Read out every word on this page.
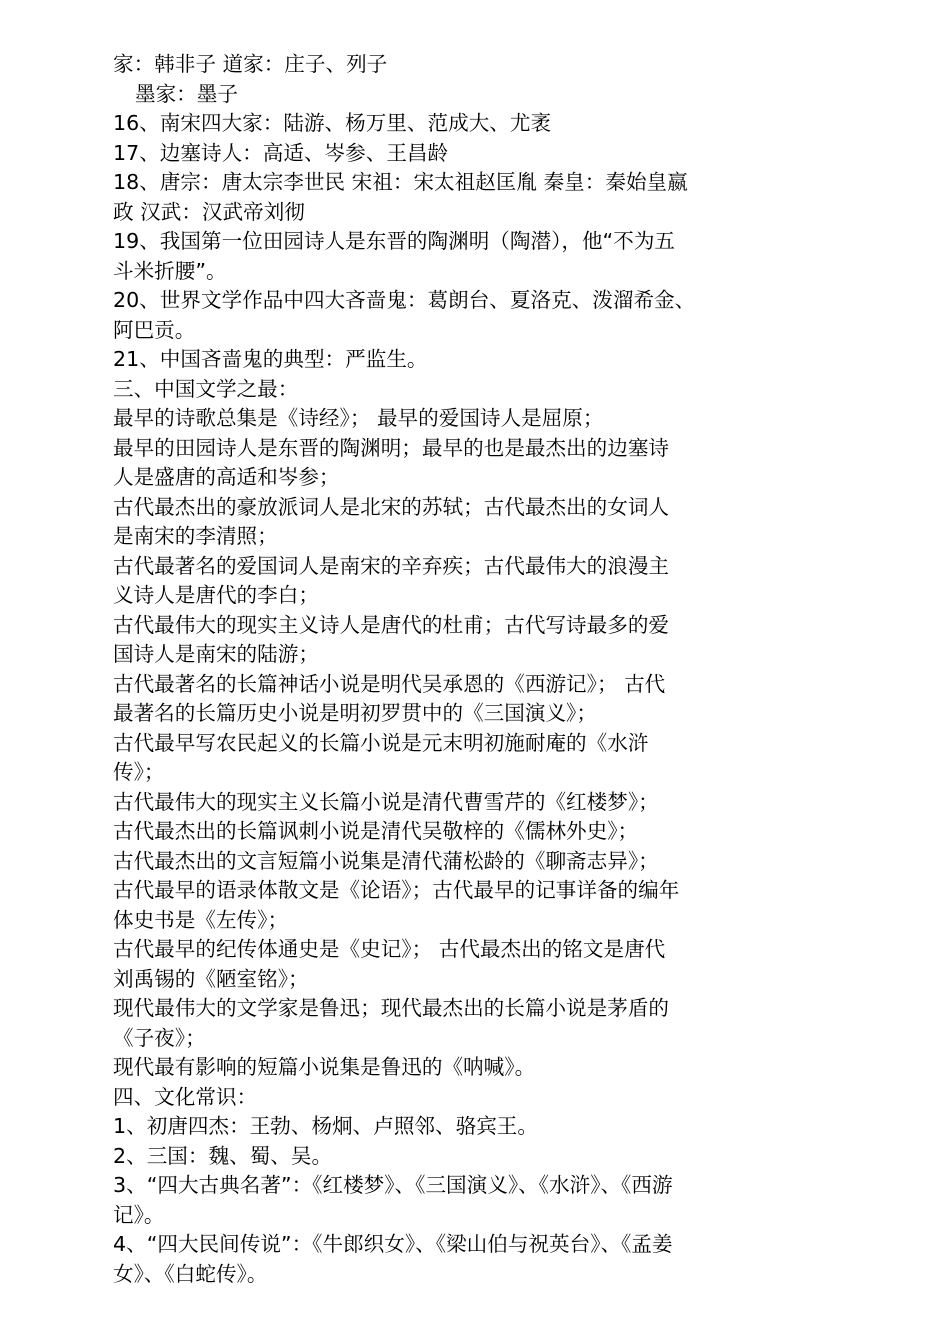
家：韩非子 道家：庄子、列子
墨家：墨子
16、南宋四大家：陆游、杨万里、范成大、尤袤
17、边塞诗人：高适、岑参、王昌龄
18、唐宗：唐太宗李世民 宋祖：宋太祖赵匡胤 秦皇：秦始皇嬴
政 汉武：汉武帝刘彻
19、我国第一位田园诗人是东晋的陶渊明（陶潜），他“不为五
斗米折腰”。
20、世界文学作品中四大吝啬鬼：葛朗台、夏洛克、泼溜希金、
阿巴贡。
21、中国吝啬鬼的典型：严监生。
三、中国文学之最：
最早的诗歌总集是《诗经》； 最早的爱国诗人是屈原；
最早的田园诗人是东晋的陶渊明；最早的也是最杰出的边塞诗
人是盛唐的高适和岑参；
古代最杰出的豪放派词人是北宋的苏轼；古代最杰出的女词人
是南宋的李清照；
古代最著名的爱国词人是南宋的辛弃疾；古代最伟大的浪漫主
义诗人是唐代的李白；
古代最伟大的现实主义诗人是唐代的杜甫；古代写诗最多的爱
国诗人是南宋的陆游；
古代最著名的长篇神话小说是明代吴承恩的《西游记》； 古代
最著名的长篇历史小说是明初罗贯中的《三国演义》；
古代最早写农民起义的长篇小说是元末明初施耐庵的《水浒
传》；
古代最伟大的现实主义长篇小说是清代曹雪芹的《红楼梦》；
古代最杰出的长篇讽刺小说是清代吴敬梓的《儒林外史》；
古代最杰出的文言短篇小说集是清代蒲松龄的《聊斋志异》；
古代最早的语录体散文是《论语》；古代最早的记事详备的编年
体史书是《左传》；
古代最早的纪传体通史是《史记》； 古代最杰出的铭文是唐代
刘禹锡的《陋室铭》；
现代最伟大的文学家是鲁迅；现代最杰出的长篇小说是茅盾的
《子夜》；
现代最有影响的短篇小说集是鲁迅的《呐喊》。
四、文化常识：
1、初唐四杰：王勃、杨炯、卢照邻、骆宾王。
2、三国：魏、蜀、吴。
3、“四大古典名著”：《红楼梦》、《三国演义》、《水浒》、《西游
记》。
4、“四大民间传说”：《牛郎织女》、《梁山伯与祝英台》、《孟姜
女》、《白蛇传》。
